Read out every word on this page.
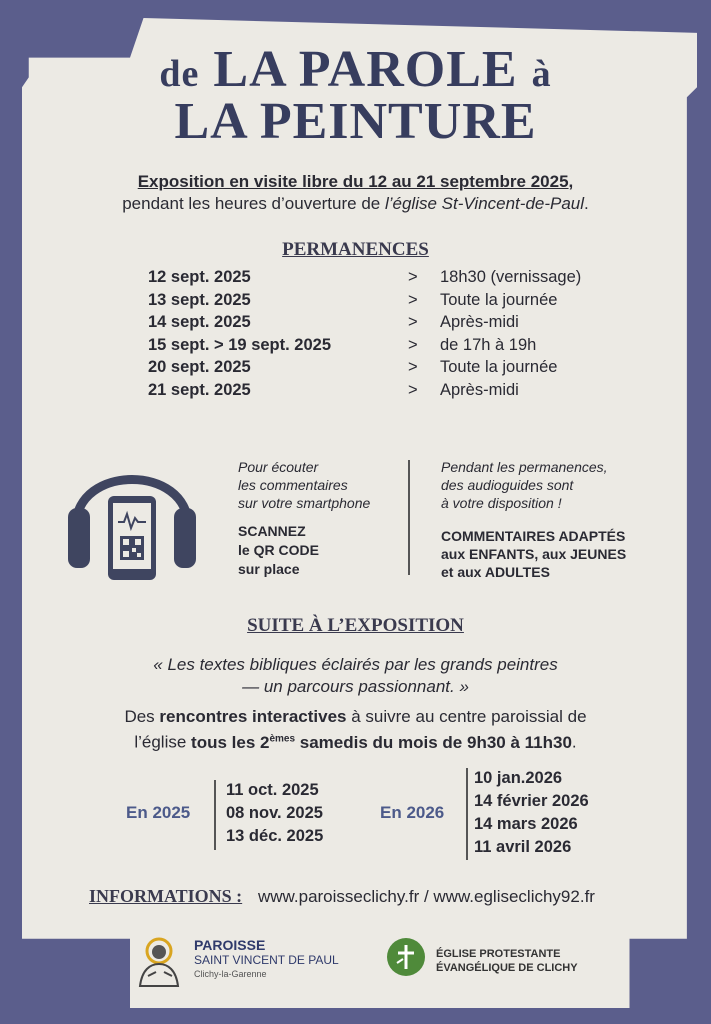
de LA PAROLE à
LA PEINTURE
Exposition en visite libre du 12 au 21 septembre 2025,
pendant les heures d’ouverture de l’église St-Vincent-de-Paul.
PERMANENCES
12 sept. 2025	> 18h30 (vernissage)
13 sept. 2025	> Toute la journée
14 sept. 2025	> Après-midi
15 sept. > 19 sept. 2025	> de 17h à 19h
20 sept. 2025	> Toute la journée
21 sept. 2025	> Après-midi
Pour écouter
les commentaires
sur votre smartphone
SCANNEZ
le QR CODE
sur place
Pendant les permanences,
des audioguides sont
à votre disposition !
COMMENTAIRES ADAPTÉS
aux ENFANTS, aux JEUNES
et aux ADULTES
SUITE À L’EXPOSITION
« Les textes bibliques éclairés par les grands peintres
— un parcours passionnant. »
Des rencontres interactives à suivre au centre paroissial de
l’église tous les 2èmes samedis du mois de 9h30 à 11h30.
En 2025
11 oct. 2025
08 nov. 2025
13 déc. 2025
En 2026
10 jan.2026
14 février 2026
14 mars 2026
11 avril 2026
INFORMATIONS : www.paroisseclichy.fr / www.egliseclichy92.fr
PAROISSE
SAINT VINCENT DE PAUL
Clichy-la-Garenne
ÉGLISE PROTESTANTE
ÉVANGÉLIQUE DE CLICHY
